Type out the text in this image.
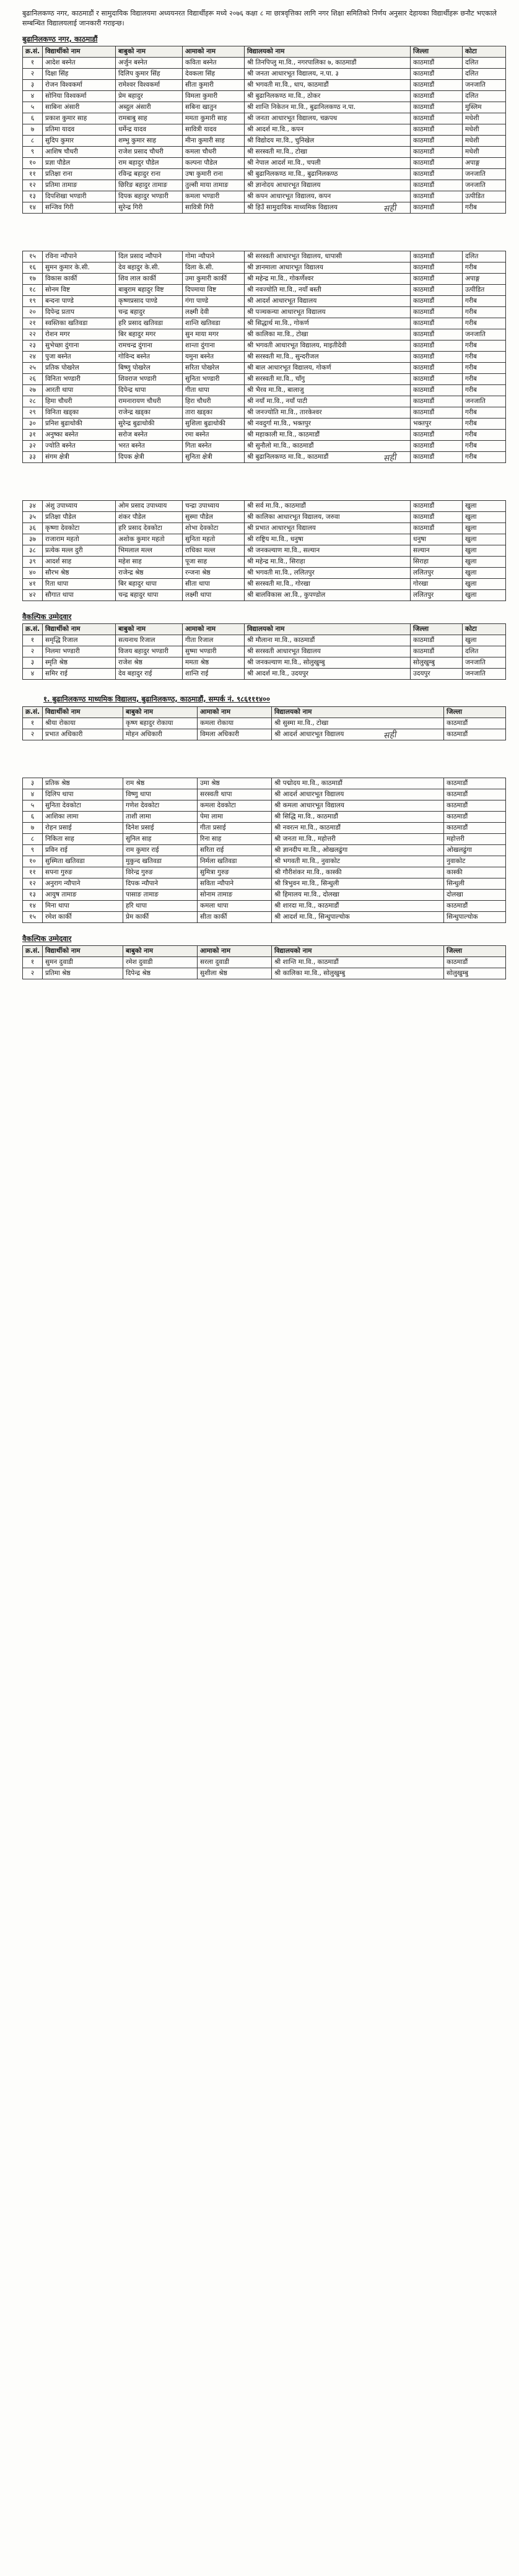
बुढानिलकण्ठ नगर, काठमाडौं र सामुदायिक विद्यालयमा अध्ययनरत विद्यार्थीहरू मध्ये २०७६ कक्षा ८ मा छात्रवृत्तिका लागि नगर शिक्षा समितिको निर्णय अनुसार देहायका विद्यार्थीहरू छनौट भएकाले सम्बन्धित विद्यालयलाई जानकारी गराइन्छ।

बुढानिलकण्ठ नगर, काठमाडौं
क्र.सं.	विद्यार्थीको नाम	बाबुको नाम	आमाको नाम	विद्यालयको नाम	जिल्ला	कोटा
१	आदेश बस्नेत	अर्जुन बस्नेत	कविता बस्नेत	श्री तिनपिप्लु मा.वि., नगरपालिका ७, काठमाडौं	काठमाडौं	दलित
२	दिक्षा सिंह	दिलिप कुमार सिंह	देवकला सिंह	श्री जनता आधारभूत विद्यालय, न.पा. ३	काठमाडौं	दलित
३	रोजन विश्वकर्मा	रामेश्वर विश्वकर्मा	सीता कुमारी	श्री भगवती मा.वि., धाप, काठमाडौं	काठमाडौं	जनजाति
४	सोनिया विश्वकर्मा	प्रेम बहादुर	विमला कुमारी	श्री बुढानिलकण्ठ मा.वि., ठोकर	काठमाडौं	दलित
५	साबिना अंसारी	अब्दुल अंसारी	सबिना खातुन	श्री शान्ति निकेतन मा.वि., बुढानिलकण्ठ न.पा.	काठमाडौं	मुस्लिम
६	प्रकाश कुमार साह	रामबाबु साह	ममता कुमारी साह	श्री जनता आधारभूत विद्यालय, चक्रपथ	काठमाडौं	मधेशी
७	प्रतिमा यादव	धर्मेन्द्र यादव	सावित्री यादव	श्री आदर्श मा.वि., कपन	काठमाडौं	मधेशी
८	सुदिप कुमार	शम्भु कुमार साह	मीना कुमारी साह	श्री विद्योदय मा.वि., चुनिखेल	काठमाडौं	मधेशी
९	आशिष चौधरी	राजेश प्रसाद चौधरी	कमला चौधरी	श्री सरस्वती मा.वि., टोखा	काठमाडौं	मधेशी
१०	प्रज्ञा पौडेल	राम बहादुर पौडेल	कल्पना पौडेल	श्री नेपाल आदर्श मा.वि., चपली	काठमाडौं	अपाङ्ग
११	प्रतिक्षा राना	रविन्द्र बहादुर राना	उषा कुमारी राना	श्री बुढानिलकण्ठ मा.वि., बुढानिलकण्ठ	काठमाडौं	जनजाति
१२	प्रतिमा तामाङ	छिरिङ बहादुर तामाङ	तुल्सी माया तामाङ	श्री ज्ञानोदय आधारभूत विद्यालय	काठमाडौं	जनजाति
१३	दिपशिखा भण्डारी	दिपक बहादुर भण्डारी	कमला भण्डारी	श्री कपन आधारभूत विद्यालय, कपन	काठमाडौं	उत्पीडित
१४	सन्जिव गिरी	सुरेन्द्र गिरी	सावित्री गिरी	श्री हिउँ सामुदायिक माध्यमिक विद्यालय	काठमाडौं	गरीब
सही
१५	रविना न्यौपाने	दिल प्रसाद न्यौपाने	गोमा न्यौपाने	श्री सरस्वती आधारभूत विद्यालय, धापासी	काठमाडौं	दलित
१६	सुमन कुमार के.सी.	देव बहादुर के.सी.	दिला के.सी.	श्री ज्ञानमाला आधारभूत विद्यालय	काठमाडौं	गरीब
१७	विकास कार्की	शिव लाल कार्की	उमा कुमारी कार्की	श्री महेन्द्र मा.वि., गोकर्णेश्वर	काठमाडौं	अपाङ्ग
१८	सोनम विष्ट	बाबुराम बहादुर विष्ट	दिपमाया विष्ट	श्री नवज्योति मा.वि., नयाँ बस्ती	काठमाडौं	उत्पीडित
१९	बन्दना पाण्डे	कृष्णप्रसाद पाण्डे	गंगा पाण्डे	श्री आदर्श आधारभूत विद्यालय	काठमाडौं	गरीब
२०	दिपेन्द्र प्रताप	चन्द्र बहादुर	लक्ष्मी देवी	श्री पञ्चकन्या आधारभूत विद्यालय	काठमाडौं	गरीब
२१	स्वस्तिका खतिवडा	हरि प्रसाद खतिवडा	शान्ति खतिवडा	श्री सिद्धार्थ मा.वि., गोकर्ण	काठमाडौं	गरीब
२२	रोशन मगर	बिर बहादुर मगर	सुन माया मगर	श्री कालिका मा.वि., टोखा	काठमाडौं	जनजाति
२३	सुभेच्छा दुंगाना	रामचन्द्र दुंगाना	शान्ता दुंगाना	श्री भगवती आधारभूत विद्यालय, माइतीदेवी	काठमाडौं	गरीब
२४	पुजा बस्नेत	गोविन्द बस्नेत	यमुना बस्नेत	श्री सरस्वती मा.वि., सुन्दरीजल	काठमाडौं	गरीब
२५	प्रतिक पोखरेल	बिष्णु पोखरेल	सरिता पोखरेल	श्री बाल आधारभूत विद्यालय, गोकर्ण	काठमाडौं	गरीब
२६	विनिता भण्डारी	शिवराज भण्डारी	सुनिता भण्डारी	श्री सरस्वती मा.वि., चाँगु	काठमाडौं	गरीब
२७	आरती थापा	दिपेन्द्र थापा	गीता थापा	श्री भैरव मा.वि., बालाजु	काठमाडौं	गरीब
२८	हिमा चौधरी	रामनारायण चौधरी	हिरा चौधरी	श्री नयाँ मा.वि., नयाँ पाटी	काठमाडौं	जनजाति
२९	विनिता खड्का	राजेन्द्र खड्का	तारा खड्का	श्री जनज्योति मा.वि., तारकेश्वर	काठमाडौं	गरीब
३०	प्रनिश बुढाथोकी	सुरेन्द्र बुढाथोकी	सुशिला बुढाथोकी	श्री नवदुर्गा मा.वि., भक्तपुर	भक्तपुर	गरीब
३१	अनुष्का बस्नेत	सरोज बस्नेत	रमा बस्नेत	श्री महाकाली मा.वि., काठमाडौं	काठमाडौं	गरीब
३२	ज्योति बस्नेत	भरत बस्नेत	गिता बस्नेत	श्री सुनौलो मा.वि., काठमाडौं	काठमाडौं	गरीब
३३	संगम क्षेत्री	दिपक क्षेत्री	सुनिता क्षेत्री	श्री बुढानिलकण्ठ मा.वि., काठमाडौं	काठमाडौं	गरीब
सही
३४	अंशु उपाध्याय	ओम प्रसाद उपाध्याय	चन्द्रा उपाध्याय	श्री सर्व मा.वि., काठमाडौं	काठमाडौं	खुला
३५	प्रतिक्षा पौडेल	शंकर पौडेल	सुस्मा पौडेल	श्री कालिका आधारभूत विद्यालय, जरुवा	काठमाडौं	खुला
३६	कृष्णा देवकोटा	हरि प्रसाद देवकोटा	शोभा देवकोटा	श्री प्रभात आधारभूत विद्यालय	काठमाडौं	खुला
३७	राजाराम महतो	अशोक कुमार महतो	सुनिता महतो	श्री राष्ट्रिय मा.वि., धनुषा	धनुषा	खुला
३८	प्रत्येक मल्ल दुरी	भिमलाल मल्ल	राधिका मल्ल	श्री जनकल्याण मा.वि., सल्यान	सल्यान	खुला
३९	आदर्श साह	महेश साह	पूजा साह	श्री महेन्द्र मा.वि., सिराहा	सिराहा	खुला
४०	सौरभ श्रेष्ठ	राजेन्द्र श्रेष्ठ	रन्जना श्रेष्ठ	श्री भगवती मा.वि., ललितपुर	ललितपुर	खुला
४१	रिता थापा	बिर बहादुर थापा	सीता थापा	श्री सरस्वती मा.वि., गोरखा	गोरखा	खुला
४२	सौगात थापा	चन्द्र बहादुर थापा	लक्ष्मी थापा	श्री बालविकास आ.वि., कुपण्डोल	ललितपुर	खुला
वैकल्पिक उम्मेदवार
क्र.सं.	विद्यार्थीको नाम	बाबुको नाम	आमाको नाम	विद्यालयको नाम	जिल्ला	कोटा
१	समृद्धि रिजाल	सत्यनाथ रिजाल	गीता रिजाल	श्री मौलाना मा.वि., काठमाडौं	काठमाडौं	खुला
२	निलमा भण्डारी	विजय बहादुर भण्डारी	सुष्मा भण्डारी	श्री सरस्वती आधारभूत विद्यालय	काठमाडौं	दलित
३	स्मृति श्रेष्ठ	राजेश श्रेष्ठ	ममता श्रेष्ठ	श्री जनकल्याण मा.वि., सोलुखुम्बु	सोलुखुम्बु	जनजाति
४	समिर राई	देव बहादुर राई	शान्ति राई	श्री आदर्श मा.वि., उदयपुर	उदयपुर	जनजाति
१. बुढानिलकण्ठ माध्यमिक विद्यालय, बुढानिलकण्ठ, काठमाडौं, सम्पर्क नं. ९८६१११४००
क्र.सं.	विद्यार्थीको नाम	बाबुको नाम	आमाको नाम	विद्यालयको नाम	जिल्ला
१	श्रीया रोकाया	कृष्ण बहादुर रोकाया	कमला रोकाया	श्री सुस्मा मा.वि., टोखा	काठमाडौं
२	प्रभात अधिकारी	मोहन अधिकारी	विमला अधिकारी	श्री आदर्श आधारभूत विद्यालय	काठमाडौं
सही
३	प्रतिक श्रेष्ठ	राम श्रेष्ठ	उमा श्रेष्ठ	श्री पद्मोदय मा.वि., काठमाडौं	काठमाडौं
४	दिलिप थापा	विष्णु थापा	सरस्वती थापा	श्री आदर्श आधारभूत विद्यालय	काठमाडौं
५	सुनिता देवकोटा	गणेश देवकोटा	कमला देवकोटा	श्री कमला आधारभूत विद्यालय	काठमाडौं
६	आशिका लामा	ताशी लामा	पेमा लामा	श्री सिद्धि मा.वि., काठमाडौं	काठमाडौं
७	रोहन प्रसाई	दिनेश प्रसाई	गीता प्रसाई	श्री नवरत्न मा.वि., काठमाडौं	काठमाडौं
८	निकिता साह	सुनिल साह	रिना साह	श्री जनता मा.वि., महोत्तरी	महोत्तरी
९	प्रविन राई	राम कुमार राई	सरिता राई	श्री ज्ञानदीप मा.वि., ओखलढुंगा	ओखलढुंगा
१०	सुस्मिता खतिवडा	मुकुन्द खतिवडा	निर्मला खतिवडा	श्री भगवती मा.वि., नुवाकोट	नुवाकोट
११	सपना गुरुङ	विरेन्द्र गुरुङ	सुमित्रा गुरुङ	श्री गौरीशंकर मा.वि., कास्की	कास्की
१२	अनुराग न्यौपाने	दिपक न्यौपाने	सविता न्यौपाने	श्री त्रिभुवन मा.वि., सिन्धुली	सिन्धुली
१३	आयुष तामाङ	पासाङ तामाङ	सोनाम तामाङ	श्री हिमालय मा.वि., दोलखा	दोलखा
१४	मिना थापा	हरि थापा	कमला थापा	श्री शारदा मा.वि., काठमाडौं	काठमाडौं
१५	रमेश कार्की	प्रेम कार्की	सीता कार्की	श्री आदर्श मा.वि., सिन्धुपाल्चोक	सिन्धुपाल्चोक
वैकल्पिक उम्मेदवार
क्र.सं.	विद्यार्थीको नाम	बाबुको नाम	आमाको नाम	विद्यालयको नाम	जिल्ला
१	सुमन दुवाडी	रमेश दुवाडी	सरला दुवाडी	श्री शान्ति मा.वि., काठमाडौं	काठमाडौं
२	प्रतिमा श्रेष्ठ	दिपेन्द्र श्रेष्ठ	सुशीला श्रेष्ठ	श्री कालिका मा.वि., सोलुखुम्बु	सोलुखुम्बु
